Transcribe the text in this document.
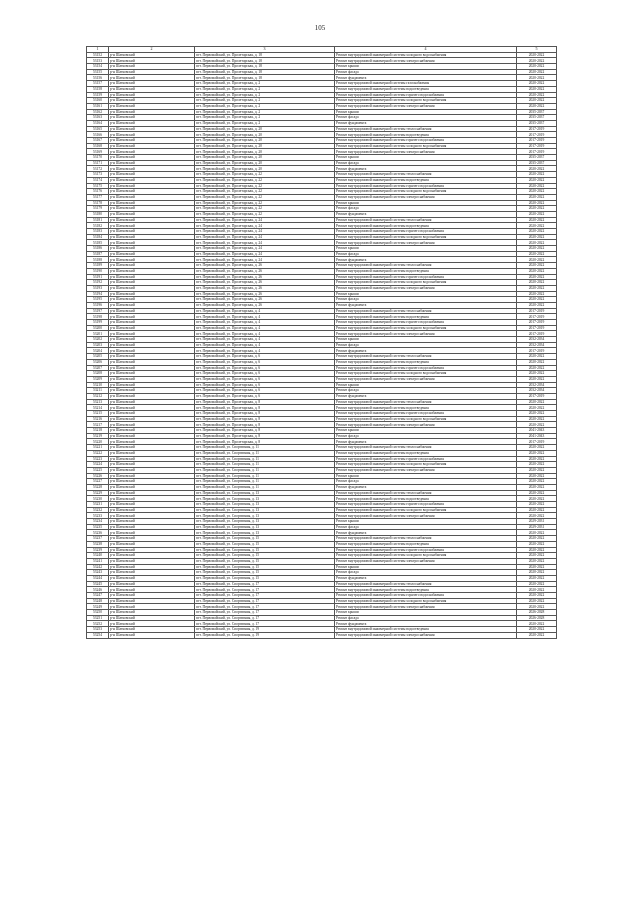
105
1	2	3	4	5
53152	р-н Шатковский	пгт. Первомайский, ул. Пролетарская, д. 18	Ремонт внутридомовой инженерной системы холодного водоснабжения	2020-2022
53153	р-н Шатковский	пгт. Первомайский, ул. Пролетарская, д. 18	Ремонт внутридомовой инженерной системы электроснабжения	2020-2022
53154	р-н Шатковский	пгт. Первомайский, ул. Пролетарская, д. 18	Ремонт крыши	2020-2022
53155	р-н Шатковский	пгт. Первомайский, ул. Пролетарская, д. 18	Ремонт фасада	2020-2022
53156	р-н Шатковский	пгт. Первомайский, ул. Пролетарская, д. 18	Ремонт фундамента	2020-2022
53157	р-н Шатковский	пгт. Первомайский, ул. Пролетарская, д. 2	Ремонт внутридомовой инженерной системы газоснабжения	2020-2022
53158	р-н Шатковский	пгт. Первомайский, ул. Пролетарская, д. 2	Ремонт внутридомовой инженерной системы водоотведения	2020-2022
53159	р-н Шатковский	пгт. Первомайский, ул. Пролетарская, д. 2	Ремонт внутридомовой инженерной системы горячего водоснабжения	2020-2022
53160	р-н Шатковский	пгт. Первомайский, ул. Пролетарская, д. 2	Ремонт внутридомовой инженерной системы холодного водоснабжения	2020-2022
53161	р-н Шатковский	пгт. Первомайский, ул. Пролетарская, д. 2	Ремонт внутридомовой инженерной системы электроснабжения	2020-2022
53162	р-н Шатковский	пгт. Первомайский, ул. Пролетарская, д. 2	Ремонт крыши	2035-2037
53163	р-н Шатковский	пгт. Первомайский, ул. Пролетарская, д. 2	Ремонт фасада	2035-2037
53164	р-н Шатковский	пгт. Первомайский, ул. Пролетарская, д. 2	Ремонт фундамента	2035-2037
53165	р-н Шатковский	пгт. Первомайский, ул. Пролетарская, д. 20	Ремонт внутридомовой инженерной системы теплоснабжения	2017-2019
53166	р-н Шатковский	пгт. Первомайский, ул. Пролетарская, д. 20	Ремонт внутридомовой инженерной системы водоотведения	2017-2019
53167	р-н Шатковский	пгт. Первомайский, ул. Пролетарская, д. 20	Ремонт внутридомовой инженерной системы горячего водоснабжения	2017-2019
53168	р-н Шатковский	пгт. Первомайский, ул. Пролетарская, д. 20	Ремонт внутридомовой инженерной системы холодного водоснабжения	2017-2019
53169	р-н Шатковский	пгт. Первомайский, ул. Пролетарская, д. 20	Ремонт внутридомовой инженерной системы электроснабжения	2017-2019
53170	р-н Шатковский	пгт. Первомайский, ул. Пролетарская, д. 20	Ремонт крыши	2035-2037
53171	р-н Шатковский	пгт. Первомайский, ул. Пролетарская, д. 20	Ремонт фасада	2035-2037
53172	р-н Шатковский	пгт. Первомайский, ул. Пролетарская, д. 20	Ремонт фундамента	2020-2022
53173	р-н Шатковский	пгт. Первомайский, ул. Пролетарская, д. 22	Ремонт внутридомовой инженерной системы теплоснабжения	2020-2022
53174	р-н Шатковский	пгт. Первомайский, ул. Пролетарская, д. 22	Ремонт внутридомовой инженерной системы водоотведения	2020-2022
53175	р-н Шатковский	пгт. Первомайский, ул. Пролетарская, д. 22	Ремонт внутридомовой инженерной системы горячего водоснабжения	2020-2022
53176	р-н Шатковский	пгт. Первомайский, ул. Пролетарская, д. 22	Ремонт внутридомовой инженерной системы холодного водоснабжения	2020-2022
53177	р-н Шатковский	пгт. Первомайский, ул. Пролетарская, д. 22	Ремонт внутридомовой инженерной системы электроснабжения	2020-2022
53178	р-н Шатковский	пгт. Первомайский, ул. Пролетарская, д. 22	Ремонт крыши	2020-2022
53179	р-н Шатковский	пгт. Первомайский, ул. Пролетарская, д. 22	Ремонт фасада	2020-2022
53180	р-н Шатковский	пгт. Первомайский, ул. Пролетарская, д. 22	Ремонт фундамента	2020-2022
53181	р-н Шатковский	пгт. Первомайский, ул. Пролетарская, д. 24	Ремонт внутридомовой инженерной системы теплоснабжения	2020-2022
53182	р-н Шатковский	пгт. Первомайский, ул. Пролетарская, д. 24	Ремонт внутридомовой инженерной системы водоотведения	2020-2022
53183	р-н Шатковский	пгт. Первомайский, ул. Пролетарская, д. 24	Ремонт внутридомовой инженерной системы горячего водоснабжения	2020-2022
53184	р-н Шатковский	пгт. Первомайский, ул. Пролетарская, д. 24	Ремонт внутридомовой инженерной системы холодного водоснабжения	2020-2022
53185	р-н Шатковский	пгт. Первомайский, ул. Пролетарская, д. 24	Ремонт внутридомовой инженерной системы электроснабжения	2020-2022
53186	р-н Шатковский	пгт. Первомайский, ул. Пролетарская, д. 24	Ремонт крыши	2020-2022
53187	р-н Шатковский	пгт. Первомайский, ул. Пролетарская, д. 24	Ремонт фасада	2020-2022
53188	р-н Шатковский	пгт. Первомайский, ул. Пролетарская, д. 24	Ремонт фундамента	2020-2022
53189	р-н Шатковский	пгт. Первомайский, ул. Пролетарская, д. 26	Ремонт внутридомовой инженерной системы теплоснабжения	2020-2022
53190	р-н Шатковский	пгт. Первомайский, ул. Пролетарская, д. 26	Ремонт внутридомовой инженерной системы водоотведения	2020-2022
53191	р-н Шатковский	пгт. Первомайский, ул. Пролетарская, д. 26	Ремонт внутридомовой инженерной системы горячего водоснабжения	2020-2022
53192	р-н Шатковский	пгт. Первомайский, ул. Пролетарская, д. 26	Ремонт внутридомовой инженерной системы холодного водоснабжения	2020-2022
53193	р-н Шатковский	пгт. Первомайский, ул. Пролетарская, д. 26	Ремонт внутридомовой инженерной системы электроснабжения	2020-2022
53194	р-н Шатковский	пгт. Первомайский, ул. Пролетарская, д. 26	Ремонт крыши	2020-2022
53195	р-н Шатковский	пгт. Первомайский, ул. Пролетарская, д. 26	Ремонт фасада	2020-2022
53196	р-н Шатковский	пгт. Первомайский, ул. Пролетарская, д. 26	Ремонт фундамента	2020-2022
53197	р-н Шатковский	пгт. Первомайский, ул. Пролетарская, д. 4	Ремонт внутридомовой инженерной системы теплоснабжения	2017-2019
53198	р-н Шатковский	пгт. Первомайский, ул. Пролетарская, д. 4	Ремонт внутридомовой инженерной системы водоотведения	2017-2019
53199	р-н Шатковский	пгт. Первомайский, ул. Пролетарская, д. 4	Ремонт внутридомовой инженерной системы горячего водоснабжения	2017-2019
53200	р-н Шатковский	пгт. Первомайский, ул. Пролетарская, д. 4	Ремонт внутридомовой инженерной системы холодного водоснабжения	2017-2019
53201	р-н Шатковский	пгт. Первомайский, ул. Пролетарская, д. 4	Ремонт внутридомовой инженерной системы электроснабжения	2017-2019
53202	р-н Шатковский	пгт. Первомайский, ул. Пролетарская, д. 4	Ремонт крыши	2032-2034
53203	р-н Шатковский	пгт. Первомайский, ул. Пролетарская, д. 4	Ремонт фасада	2032-2034
53204	р-н Шатковский	пгт. Первомайский, ул. Пролетарская, д. 4	Ремонт фундамента	2017-2019
53205	р-н Шатковский	пгт. Первомайский, ул. Пролетарская, д. 6	Ремонт внутридомовой инженерной системы теплоснабжения	2020-2022
53206	р-н Шатковский	пгт. Первомайский, ул. Пролетарская, д. 6	Ремонт внутридомовой инженерной системы водоотведения	2020-2022
53207	р-н Шатковский	пгт. Первомайский, ул. Пролетарская, д. 6	Ремонт внутридомовой инженерной системы горячего водоснабжения	2020-2022
53208	р-н Шатковский	пгт. Первомайский, ул. Пролетарская, д. 6	Ремонт внутридомовой инженерной системы холодного водоснабжения	2020-2022
53209	р-н Шатковский	пгт. Первомайский, ул. Пролетарская, д. 6	Ремонт внутридомовой инженерной системы электроснабжения	2020-2022
53210	р-н Шатковский	пгт. Первомайский, ул. Пролетарская, д. 6	Ремонт крыши	2032-2034
53211	р-н Шатковский	пгт. Первомайский, ул. Пролетарская, д. 6	Ремонт фасада	2032-2034
53212	р-н Шатковский	пгт. Первомайский, ул. Пролетарская, д. 6	Ремонт фундамента	2017-2019
53213	р-н Шатковский	пгт. Первомайский, ул. Пролетарская, д. 8	Ремонт внутридомовой инженерной системы теплоснабжения	2020-2022
53214	р-н Шатковский	пгт. Первомайский, ул. Пролетарская, д. 8	Ремонт внутридомовой инженерной системы водоотведения	2020-2022
53215	р-н Шатковский	пгт. Первомайский, ул. Пролетарская, д. 8	Ремонт внутридомовой инженерной системы горячего водоснабжения	2020-2022
53216	р-н Шатковский	пгт. Первомайский, ул. Пролетарская, д. 8	Ремонт внутридомовой инженерной системы холодного водоснабжения	2020-2022
53217	р-н Шатковский	пгт. Первомайский, ул. Пролетарская, д. 8	Ремонт внутридомовой инженерной системы электроснабжения	2020-2022
53218	р-н Шатковский	пгт. Первомайский, ул. Пролетарская, д. 8	Ремонт крыши	2041-2043
53219	р-н Шатковский	пгт. Первомайский, ул. Пролетарская, д. 8	Ремонт фасада	2041-2043
53220	р-н Шатковский	пгт. Первомайский, ул. Пролетарская, д. 8	Ремонт фундамента	2017-2019
53221	р-н Шатковский	пгт. Первомайский, ул. Спортивная, д. 11	Ремонт внутридомовой инженерной системы теплоснабжения	2020-2022
53222	р-н Шатковский	пгт. Первомайский, ул. Спортивная, д. 11	Ремонт внутридомовой инженерной системы водоотведения	2020-2022
53223	р-н Шатковский	пгт. Первомайский, ул. Спортивная, д. 11	Ремонт внутридомовой инженерной системы горячего водоснабжения	2020-2022
53224	р-н Шатковский	пгт. Первомайский, ул. Спортивная, д. 11	Ремонт внутридомовой инженерной системы холодного водоснабжения	2020-2022
53225	р-н Шатковский	пгт. Первомайский, ул. Спортивная, д. 11	Ремонт внутридомовой инженерной системы электроснабжения	2020-2022
53226	р-н Шатковский	пгт. Первомайский, ул. Спортивная, д. 11	Ремонт крыши	2020-2022
53227	р-н Шатковский	пгт. Первомайский, ул. Спортивная, д. 11	Ремонт фасада	2020-2022
53228	р-н Шатковский	пгт. Первомайский, ул. Спортивная, д. 11	Ремонт фундамента	2020-2022
53229	р-н Шатковский	пгт. Первомайский, ул. Спортивная, д. 13	Ремонт внутридомовой инженерной системы теплоснабжения	2020-2022
53230	р-н Шатковский	пгт. Первомайский, ул. Спортивная, д. 13	Ремонт внутридомовой инженерной системы водоотведения	2020-2022
53231	р-н Шатковский	пгт. Первомайский, ул. Спортивная, д. 13	Ремонт внутридомовой инженерной системы горячего водоснабжения	2020-2022
53232	р-н Шатковский	пгт. Первомайский, ул. Спортивная, д. 13	Ремонт внутридомовой инженерной системы холодного водоснабжения	2020-2022
53233	р-н Шатковский	пгт. Первомайский, ул. Спортивная, д. 13	Ремонт внутридомовой инженерной системы электроснабжения	2020-2022
53234	р-н Шатковский	пгт. Первомайский, ул. Спортивная, д. 13	Ремонт крыши	2029-2031
53235	р-н Шатковский	пгт. Первомайский, ул. Спортивная, д. 13	Ремонт фасада	2029-2031
53236	р-н Шатковский	пгт. Первомайский, ул. Спортивная, д. 13	Ремонт фундамента	2020-2022
53237	р-н Шатковский	пгт. Первомайский, ул. Спортивная, д. 15	Ремонт внутридомовой инженерной системы теплоснабжения	2020-2022
53238	р-н Шатковский	пгт. Первомайский, ул. Спортивная, д. 15	Ремонт внутридомовой инженерной системы водоотведения	2020-2022
53239	р-н Шатковский	пгт. Первомайский, ул. Спортивная, д. 15	Ремонт внутридомовой инженерной системы горячего водоснабжения	2020-2022
53240	р-н Шатковский	пгт. Первомайский, ул. Спортивная, д. 15	Ремонт внутридомовой инженерной системы холодного водоснабжения	2020-2022
53241	р-н Шатковский	пгт. Первомайский, ул. Спортивная, д. 15	Ремонт внутридомовой инженерной системы электроснабжения	2020-2022
53242	р-н Шатковский	пгт. Первомайский, ул. Спортивная, д. 15	Ремонт крыши	2020-2022
53243	р-н Шатковский	пгт. Первомайский, ул. Спортивная, д. 15	Ремонт фасада	2020-2022
53244	р-н Шатковский	пгт. Первомайский, ул. Спортивная, д. 15	Ремонт фундамента	2020-2022
53245	р-н Шатковский	пгт. Первомайский, ул. Спортивная, д. 17	Ремонт внутридомовой инженерной системы теплоснабжения	2020-2022
53246	р-н Шатковский	пгт. Первомайский, ул. Спортивная, д. 17	Ремонт внутридомовой инженерной системы водоотведения	2020-2022
53247	р-н Шатковский	пгт. Первомайский, ул. Спортивная, д. 17	Ремонт внутридомовой инженерной системы горячего водоснабжения	2020-2022
53248	р-н Шатковский	пгт. Первомайский, ул. Спортивная, д. 17	Ремонт внутридомовой инженерной системы холодного водоснабжения	2020-2022
53249	р-н Шатковский	пгт. Первомайский, ул. Спортивная, д. 17	Ремонт внутридомовой инженерной системы электроснабжения	2020-2022
53250	р-н Шатковский	пгт. Первомайский, ул. Спортивная, д. 17	Ремонт крыши	2026-2028
53251	р-н Шатковский	пгт. Первомайский, ул. Спортивная, д. 17	Ремонт фасада	2026-2028
53252	р-н Шатковский	пгт. Первомайский, ул. Спортивная, д. 17	Ремонт фундамента	2020-2022
53253	р-н Шатковский	пгт. Первомайский, ул. Спортивная, д. 19	Ремонт внутридомовой инженерной системы водоотведения	2020-2022
53254	р-н Шатковский	пгт. Первомайский, ул. Спортивная, д. 19	Ремонт внутридомовой инженерной системы электроснабжения	2020-2022
